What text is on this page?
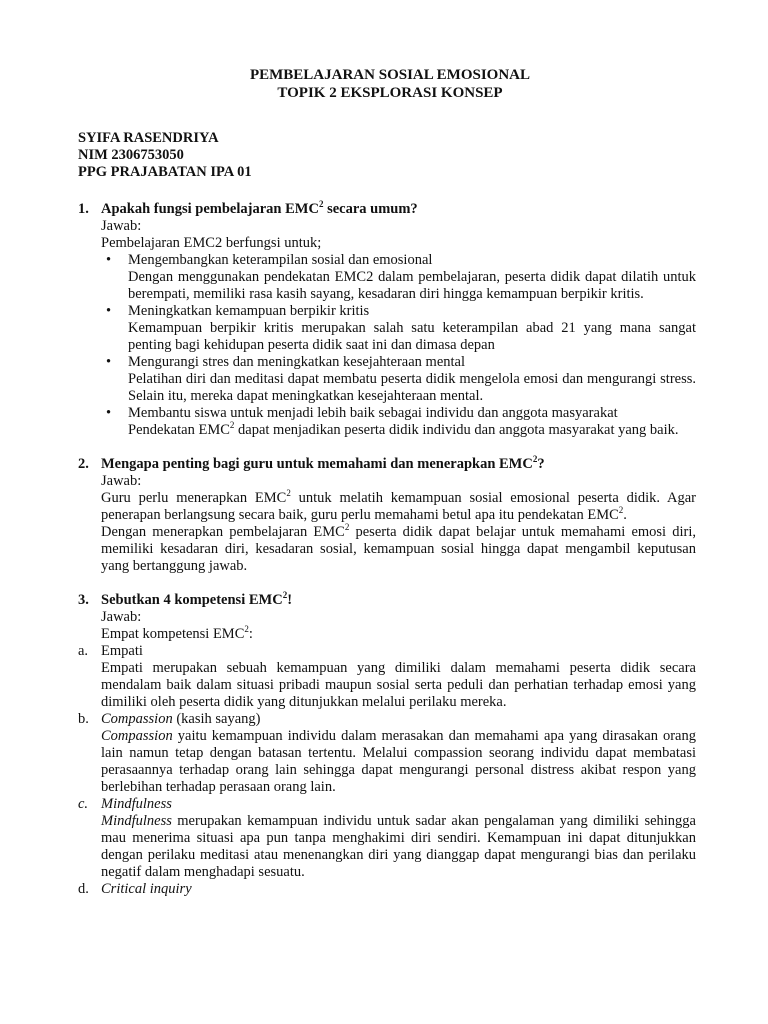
PEMBELAJARAN SOSIAL EMOSIONAL
TOPIK 2 EKSPLORASI KONSEP
SYIFA RASENDRIYA
NIM 2306753050
PPG PRAJABATAN IPA 01
1. Apakah fungsi pembelajaran EMC$^2$ secara umum?
Jawab:
Pembelajaran EMC2 berfungsi untuk;
• Mengembangkan keterampilan sosial dan emosional
Dengan menggunakan pendekatan EMC2 dalam pembelajaran, peserta didik dapat dilatih untuk berempati, memiliki rasa kasih sayang, kesadaran diri hingga kemampuan berpikir kritis.
• Meningkatkan kemampuan berpikir kritis
Kemampuan berpikir kritis merupakan salah satu keterampilan abad 21 yang mana sangat penting bagi kehidupan peserta didik saat ini dan dimasa depan
• Mengurangi stres dan meningkatkan kesejahteraan mental
Pelatihan diri dan meditasi dapat membatu peserta didik mengelola emosi dan mengurangi stress. Selain itu, mereka dapat meningkatkan kesejahteraan mental.
• Membantu siswa untuk menjadi lebih baik sebagai individu dan anggota masyarakat
Pendekatan EMC$^2$ dapat menjadikan peserta didik individu dan anggota masyarakat yang baik.
2. Mengapa penting bagi guru untuk memahami dan menerapkan EMC$^2$?
Jawab:
Guru perlu menerapkan EMC$^2$ untuk melatih kemampuan sosial emosional peserta didik. Agar penerapan berlangsung secara baik, guru perlu memahami betul apa itu pendekatan EMC$^2$.
Dengan menerapkan pembelajaran EMC$^2$ peserta didik dapat belajar untuk memahami emosi diri, memiliki kesadaran diri, kesadaran sosial, kemampuan sosial hingga dapat mengambil keputusan yang bertanggung jawab.
3. Sebutkan 4 kompetensi EMC$^2$!
Jawab:
Empat kompetensi EMC$^2$:
a. Empati
Empati merupakan sebuah kemampuan yang dimiliki dalam memahami peserta didik secara mendalam baik dalam situasi pribadi maupun sosial serta peduli dan perhatian terhadap emosi yang dimiliki oleh peserta didik yang ditunjukkan melalui perilaku mereka.
b. Compassion (kasih sayang)
Compassion yaitu kemampuan individu dalam merasakan dan memahami apa yang dirasakan orang lain namun tetap dengan batasan tertentu. Melalui compassion seorang individu dapat membatasi perasaannya terhadap orang lain sehingga dapat mengurangi personal distress akibat respon yang berlebihan terhadap perasaan orang lain.
c. Mindfulness
Mindfulness merupakan kemampuan individu untuk sadar akan pengalaman yang dimiliki sehingga mau menerima situasi apa pun tanpa menghakimi diri sendiri. Kemampuan ini dapat ditunjukkan dengan perilaku meditasi atau menenangkan diri yang dianggap dapat mengurangi bias dan perilaku negatif dalam menghadapi sesuatu.
d. Critical inquiry
